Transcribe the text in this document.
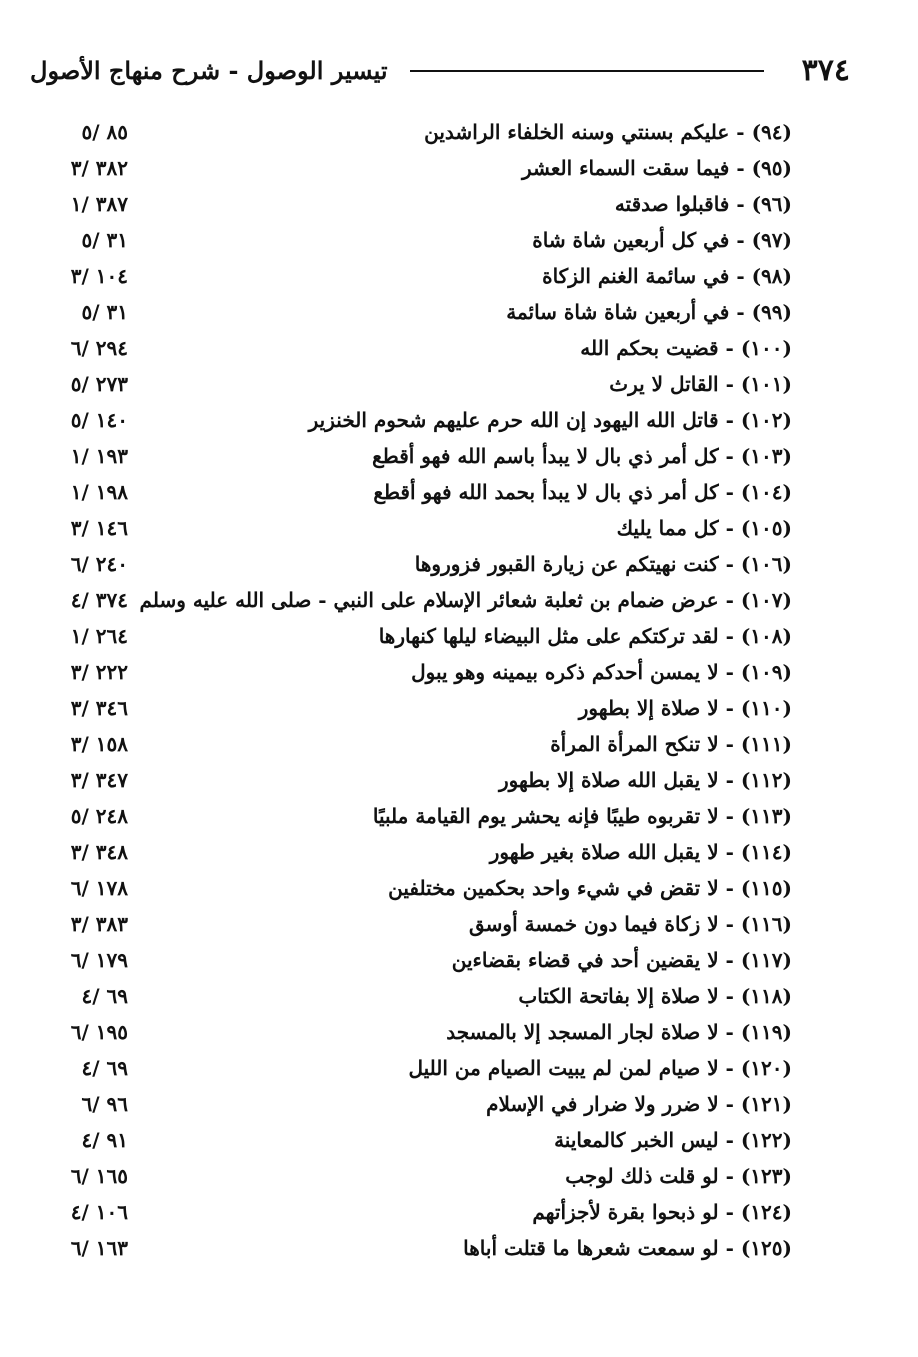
٣٧٤
تيسير الوصول - شرح منهاج الأصول
(٩٤) - عليكم بسنتي وسنه الخلفاء الراشدين
٨٥ /٥
(٩٥) - فيما سقت السماء العشر
٣٨٢ /٣
(٩٦) - فاقبلوا صدقته
٣٨٧ /١
(٩٧) - في كل أربعين شاة شاة
٣١ /٥
(٩٨) - في سائمة الغنم الزكاة
١٠٤ /٣
(٩٩) - في أربعين شاة شاة سائمة
٣١ /٥
(١٠٠) - قضيت بحكم الله
٢٩٤ /٦
(١٠١) - القاتل لا يرث
٢٧٣ /٥
(١٠٢) - قاتل الله اليهود إن الله حرم عليهم شحوم الخنزير
١٤٠ /٥
(١٠٣) - كل أمر ذي بال لا يبدأ باسم الله فهو أقطع
١٩٣ /١
(١٠٤) - كل أمر ذي بال لا يبدأ بحمد الله فهو أقطع
١٩٨ /١
(١٠٥) - كل مما يليك
١٤٦ /٣
(١٠٦) - كنت نهيتكم عن زيارة القبور فزوروها
٢٤٠ /٦
(١٠٧) - عرض ضمام بن ثعلبة شعائر الإسلام على النبي - صلى الله عليه وسلم
٣٧٤ /٤
(١٠٨) - لقد تركتكم على مثل البيضاء ليلها كنهارها
٢٦٤ /١
(١٠٩) - لا يمسن أحدكم ذكره بيمينه وهو يبول
٢٢٢ /٣
(١١٠) - لا صلاة إلا بطهور
٣٤٦ /٣
(١١١) - لا تنكح المرأة المرأة
١٥٨ /٣
(١١٢) - لا يقبل الله صلاة إلا بطهور
٣٤٧ /٣
(١١٣) - لا تقربوه طيبًا فإنه يحشر يوم القيامة ملبيًا
٢٤٨ /٥
(١١٤) - لا يقبل الله صلاة بغير طهور
٣٤٨ /٣
(١١٥) - لا تقض في شيء واحد بحكمين مختلفين
١٧٨ /٦
(١١٦) - لا زكاة فيما دون خمسة أوسق
٣٨٣ /٣
(١١٧) - لا يقضين أحد في قضاء بقضاءين
١٧٩ /٦
(١١٨) - لا صلاة إلا بفاتحة الكتاب
٦٩ /٤
(١١٩) - لا صلاة لجار المسجد إلا بالمسجد
١٩٥ /٦
(١٢٠) - لا صيام لمن لم يبيت الصيام من الليل
٦٩ /٤
(١٢١) - لا ضرر ولا ضرار في الإسلام
٩٦ /٦
(١٢٢) - ليس الخبر كالمعاينة
٩١ /٤
(١٢٣) - لو قلت ذلك لوجب
١٦٥ /٦
(١٢٤) - لو ذبحوا بقرة لأجزأتهم
١٠٦ /٤
(١٢٥) - لو سمعت شعرها ما قتلت أباها
١٦٣ /٦
